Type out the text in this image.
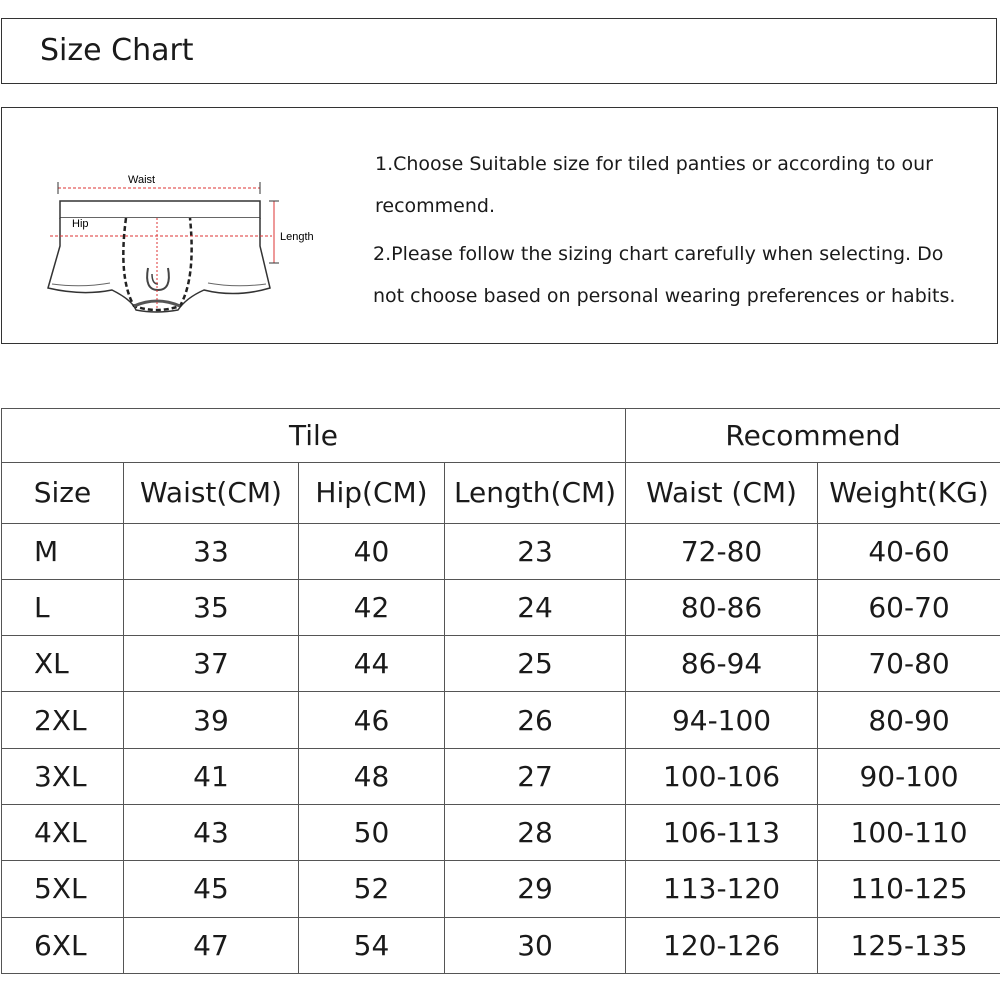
Size Chart
Waist
Hip
Length
1.Choose Suitable size for tiled panties or according to our
recommend.
2.Please follow the sizing chart carefully when selecting. Do
not choose based on personal wearing preferences or habits.
Tile				Recommend	
Size	Waist(CM)	Hip(CM)	Length(CM)	Waist (CM)	Weight(KG)
M	33	40	23	72-80	40-60
L	35	42	24	80-86	60-70
XL	37	44	25	86-94	70-80
2XL	39	46	26	94-100	80-90
3XL	41	48	27	100-106	90-100
4XL	43	50	28	106-113	100-110
5XL	45	52	29	113-120	110-125
6XL	47	54	30	120-126	125-135
